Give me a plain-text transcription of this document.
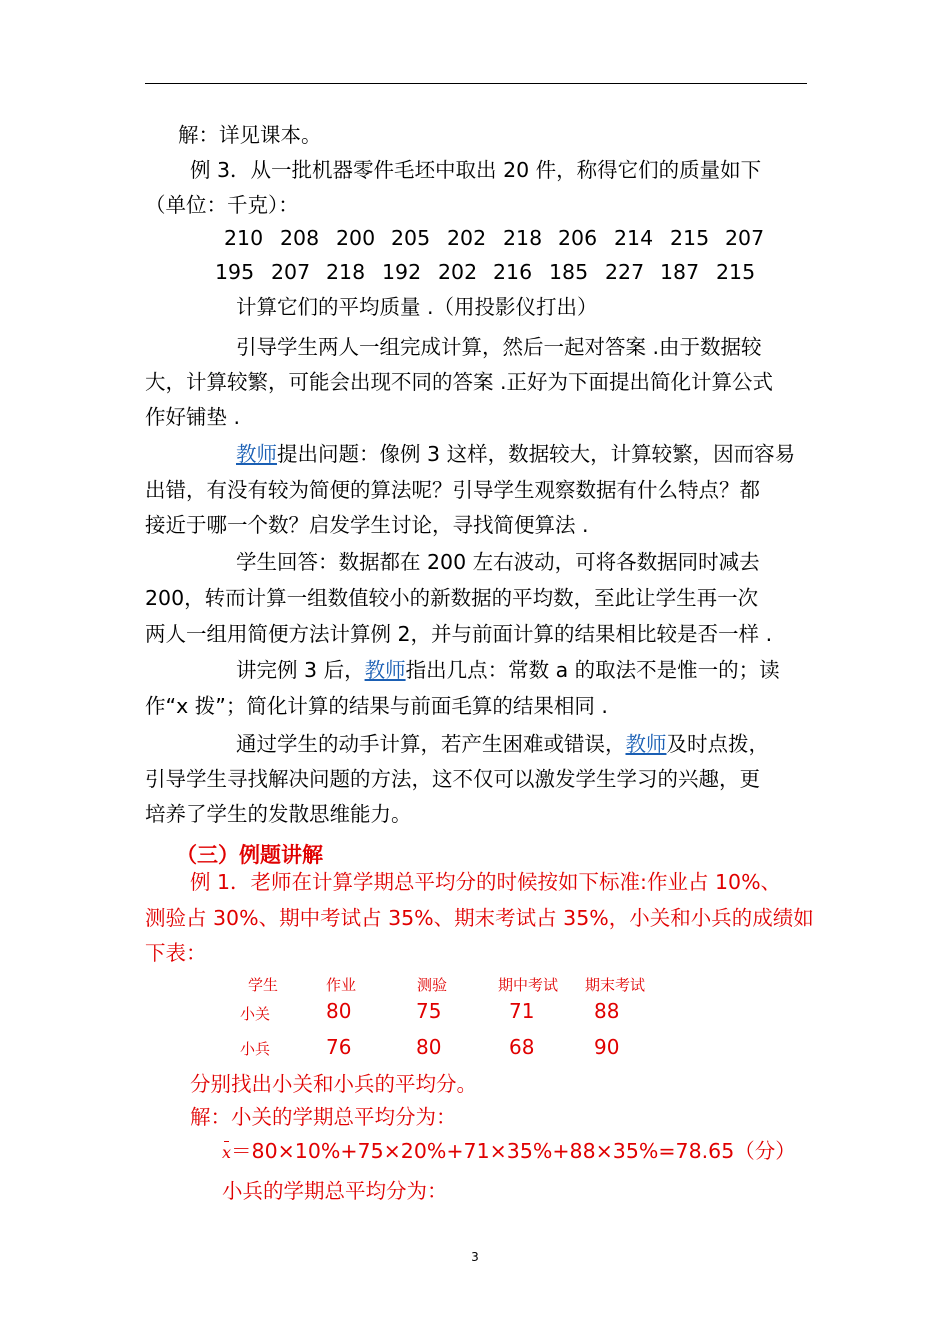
解：详见课本。
例 3．从一批机器零件毛坯中取出 20 件，称得它们的质量如下
（单位：千克）：
210 208 200 205 202 218 206 214 215 207
195 207 218 192 202 216 185 227 187 215
计算它们的平均质量 .（用投影仪打出）
引导学生两人一组完成计算，然后一起对答案 .由于数据较
大，计算较繁，可能会出现不同的答案 .正好为下面提出简化计算公式
作好铺垫 .
教师提出问题：像例 3 这样，数据较大，计算较繁，因而容易
出错，有没有较为简便的算法呢？引导学生观察数据有什么特点？都
接近于哪一个数？启发学生讨论，寻找简便算法 .
学生回答：数据都在 200 左右波动，可将各数据同时减去
200，转而计算一组数值较小的新数据的平均数，至此让学生再一次
两人一组用简便方法计算例 2，并与前面计算的结果相比较是否一样 .
讲完例 3 后，教师指出几点：常数 a 的取法不是惟一的；读
作“x 拨”；简化计算的结果与前面毛算的结果相同 .
通过学生的动手计算，若产生困难或错误，教师及时点拨，
引导学生寻找解决问题的方法，这不仅可以激发学生学习的兴趣，更
培养了学生的发散思维能力。
（三）例题讲解
例 1．老师在计算学期总平均分的时候按如下标准:作业占 10%、
测验占 30%、期中考试占 35%、期末考试占 35%，小关和小兵的成绩如
下表：
学生	作业	测验	期中考试 期末考试
小关	80	75	71	88
小兵	76	80	68	90
分别找出小关和小兵的平均分。
解：小关的学期总平均分为：
x＝80×10%+75×20%+71×35%+88×35%=78.65（分）
小兵的学期总平均分为：
3
